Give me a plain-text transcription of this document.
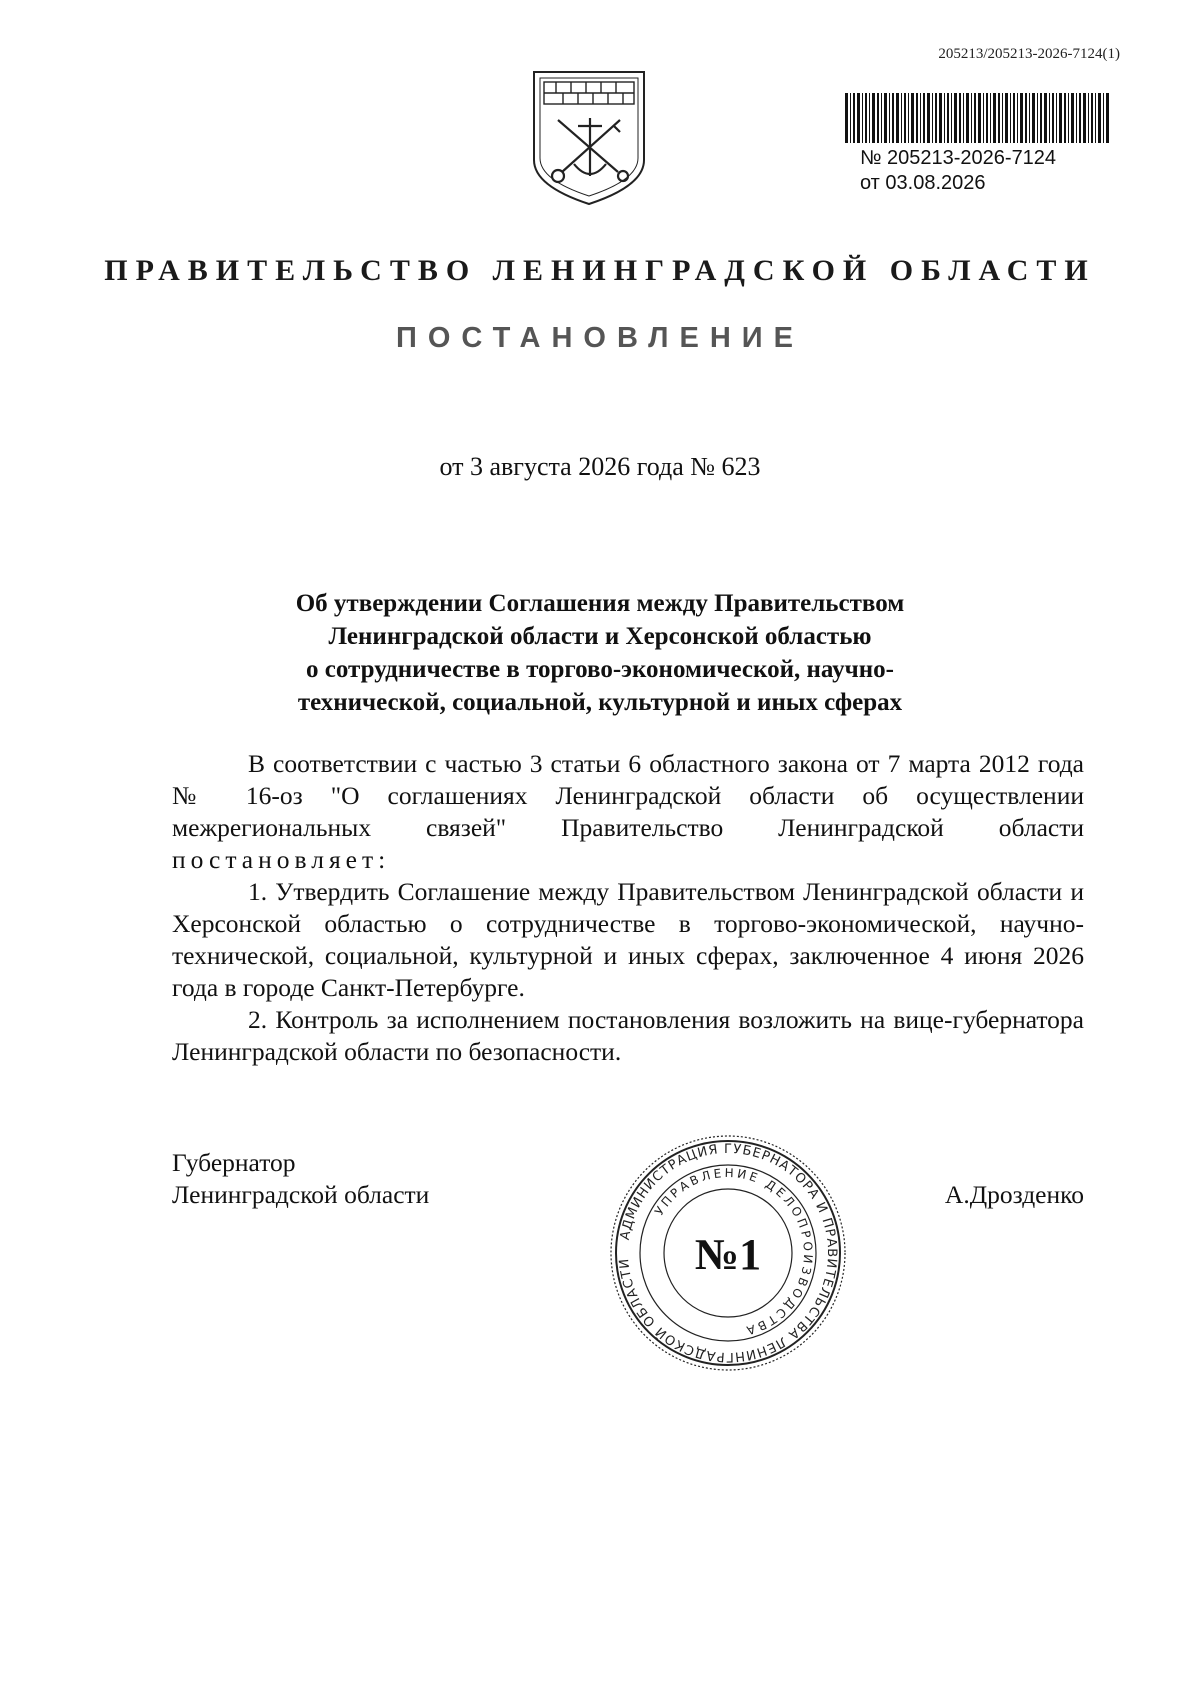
205213/205213-2026-7124(1)
№ 205213-2026-7124
от 03.08.2026
ПРАВИТЕЛЬСТВО ЛЕНИНГРАДСКОЙ ОБЛАСТИ
ПОСТАНОВЛЕНИЕ
от 3 августа 2026 года № 623
Об утверждении Соглашения между Правительством
Ленинградской области и Херсонской областью
о сотрудничестве в торгово-экономической, научно-
технической, социальной, культурной и иных сферах

В соответствии с частью 3 статьи 6 областного закона от 7 марта 2012 года № 16-оз "О соглашениях Ленинградской области об осуществлении межрегиональных связей" Правительство Ленинградской области постановляет:

1. Утвердить Соглашение между Правительством Ленинградской области и Херсонской областью о сотрудничестве в торгово-экономической, научно-технической, социальной, культурной и иных сферах, заключенное 4 июня 2026 года в городе Санкт-Петербурге.

2. Контроль за исполнением постановления возложить на вице-губернатора Ленинградской области по безопасности.

Губернатор
Ленинградской области	А.Дрозденко
АДМИНИСТРАЦИЯ ГУБЕРНАТОРА И ПРАВИТЕЛЬСТВА ЛЕНИНГРАДСКОЙ ОБЛАСТИ
УПРАВЛЕНИЕ ДЕЛОПРОИЗВОДСТВА
№1
